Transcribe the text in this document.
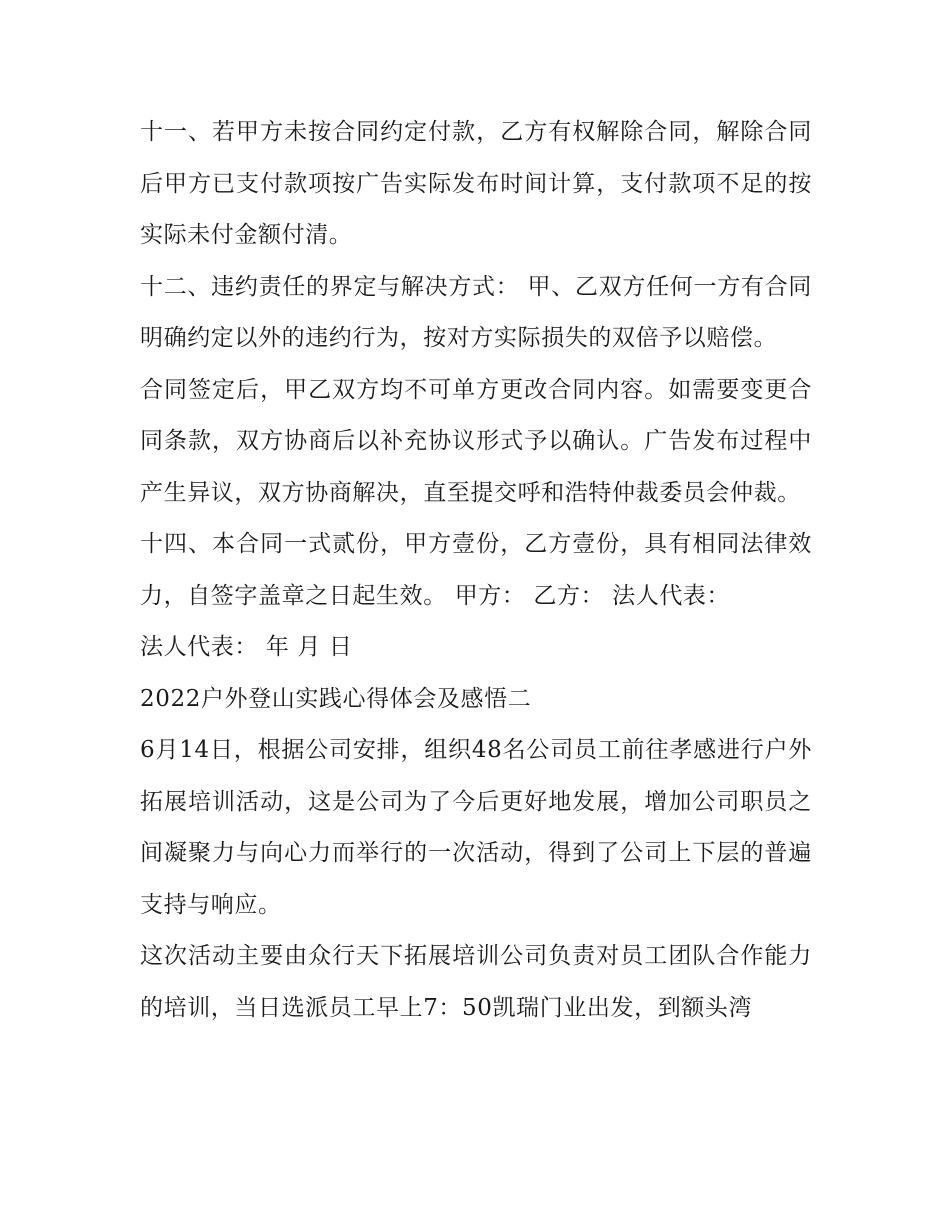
十一、若甲方未按合同约定付款，乙方有权解除合同，解除合同后甲方已支付款项按广告实际发布时间计算，支付款项不足的按实际未付金额付清。

十二、违约责任的界定与解决方式： 甲、乙双方任何一方有合同明确约定以外的违约行为，按对方实际损失的双倍予以赔偿。

合同签定后，甲乙双方均不可单方更改合同内容。如需要变更合同条款，双方协商后以补充协议形式予以确认。广告发布过程中产生异议，双方协商解决，直至提交呼和浩特仲裁委员会仲裁。

十四、本合同一式贰份，甲方壹份，乙方壹份，具有相同法律效力，自签字盖章之日起生效。 甲方： 乙方： 法人代表：

法人代表： 年 月 日

2022户外登山实践心得体会及感悟二

6月14日，根据公司安排，组织48名公司员工前往孝感进行户外拓展培训活动，这是公司为了今后更好地发展，增加公司职员之间凝聚力与向心力而举行的一次活动，得到了公司上下层的普遍支持与响应。

这次活动主要由众行天下拓展培训公司负责对员工团队合作能力的培训，当日选派员工早上7：50凯瑞门业出发，到额头湾
